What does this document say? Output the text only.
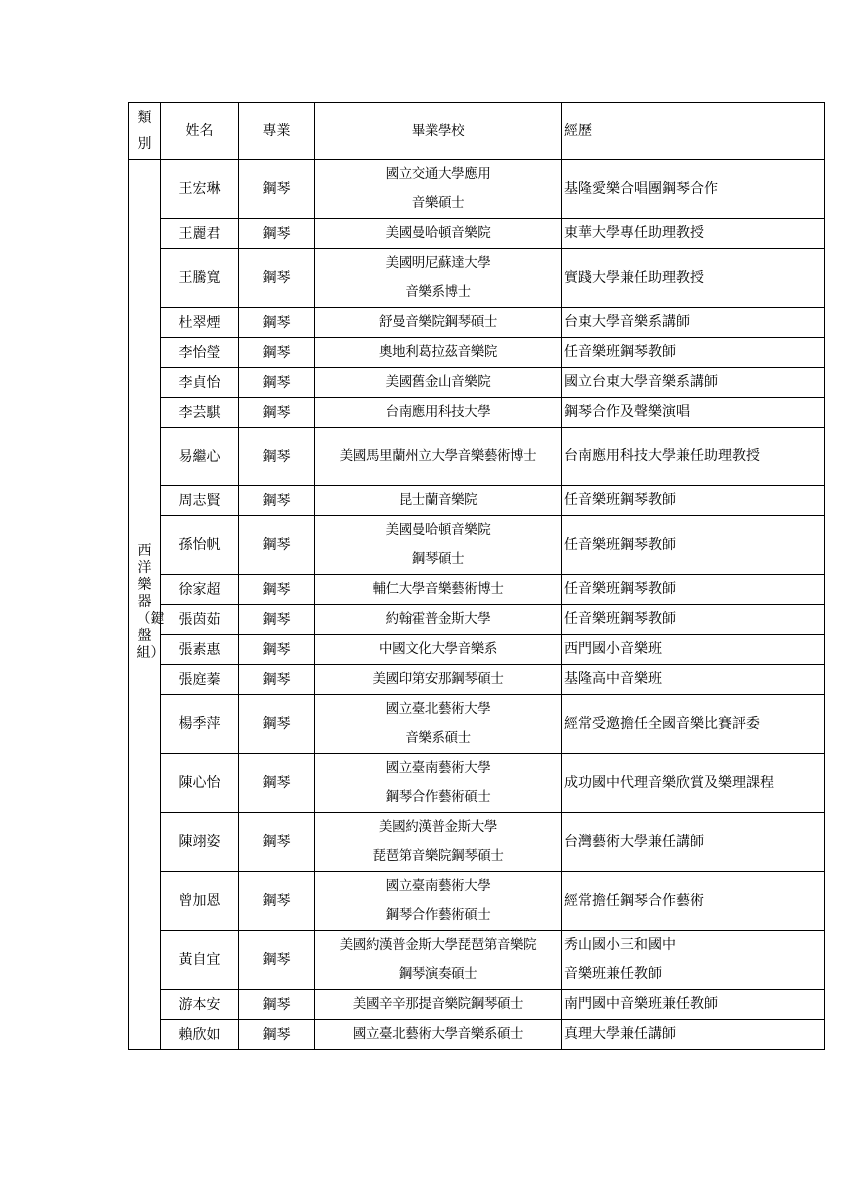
類
別	姓名	專業	畢業學校	經歷
西洋樂器（鍵盤組）	王宏琳	鋼琴	國立交通大學應用
音樂碩士	基隆愛樂合唱團鋼琴合作

	王麗君	鋼琴	美國曼哈頓音樂院	東華大學專任助理教授

	王騰寬	鋼琴	美國明尼蘇達大學
音樂系博士	實踐大學兼任助理教授

	杜翠煙	鋼琴	舒曼音樂院鋼琴碩士	台東大學音樂系講師

	李怡瑩	鋼琴	奧地利葛拉茲音樂院	任音樂班鋼琴教師

	李貞怡	鋼琴	美國舊金山音樂院	國立台東大學音樂系講師

	李芸騏	鋼琴	台南應用科技大學	鋼琴合作及聲樂演唱

	易繼心	鋼琴	美國馬里蘭州立大學音樂藝術博士	台南應用科技大學兼任助理教授

	周志賢	鋼琴	昆士蘭音樂院	任音樂班鋼琴教師

	孫怡帆	鋼琴	美國曼哈頓音樂院
鋼琴碩士	任音樂班鋼琴教師

	徐家超	鋼琴	輔仁大學音樂藝術博士	任音樂班鋼琴教師

	張茵茹	鋼琴	約翰霍普金斯大學	任音樂班鋼琴教師

	張素惠	鋼琴	中國文化大學音樂系	西門國小音樂班

	張庭蓁	鋼琴	美國印第安那鋼琴碩士	基隆高中音樂班

	楊季萍	鋼琴	國立臺北藝術大學
音樂系碩士	經常受邀擔任全國音樂比賽評委

	陳心怡	鋼琴	國立臺南藝術大學
鋼琴合作藝術碩士	成功國中代理音樂欣賞及樂理課程

	陳翊姿	鋼琴	美國約漢普金斯大學
琵琶第音樂院鋼琴碩士	台灣藝術大學兼任講師

	曾加恩	鋼琴	國立臺南藝術大學
鋼琴合作藝術碩士	經常擔任鋼琴合作藝術

	黃自宜	鋼琴	美國約漢普金斯大學琵琶第音樂院
鋼琴演奏碩士	秀山國小三和國中
音樂班兼任教師

	游本安	鋼琴	美國辛辛那提音樂院鋼琴碩士	南門國中音樂班兼任教師

	賴欣如	鋼琴	國立臺北藝術大學音樂系碩士	真理大學兼任講師
